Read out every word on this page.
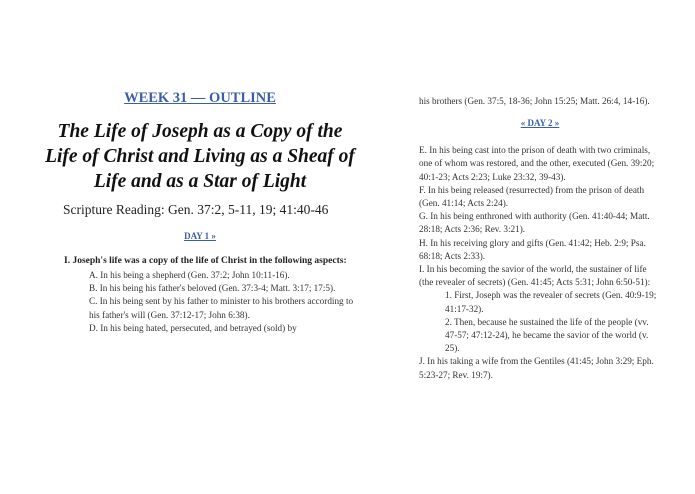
WEEK 31 — OUTLINE
The Life of Joseph as a Copy of the Life of Christ and Living as a Sheaf of Life and as a Star of Light
Scripture Reading: Gen. 37:2, 5-11, 19; 41:40-46
DAY 1 »
I. Joseph's life was a copy of the life of Christ in the following aspects:
A. In his being a shepherd (Gen. 37:2; John 10:11-16).
B. In his being his father's beloved (Gen. 37:3-4; Matt. 3:17; 17:5).
C. In his being sent by his father to minister to his brothers according to his father's will (Gen. 37:12-17; John 6:38).
D. In his being hated, persecuted, and betrayed (sold) by
his brothers (Gen. 37:5, 18-36; John 15:25; Matt. 26:4, 14-16).
« DAY 2 »
E. In his being cast into the prison of death with two criminals, one of whom was restored, and the other, executed (Gen. 39:20; 40:1-23; Acts 2:23; Luke 23:32, 39-43).
F. In his being released (resurrected) from the prison of death (Gen. 41:14; Acts 2:24).
G. In his being enthroned with authority (Gen. 41:40-44; Matt. 28:18; Acts 2:36; Rev. 3:21).
H. In his receiving glory and gifts (Gen. 41:42; Heb. 2:9; Psa. 68:18; Acts 2:33).
I. In his becoming the savior of the world, the sustainer of life (the revealer of secrets) (Gen. 41:45; Acts 5:31; John 6:50-51):
1. First, Joseph was the revealer of secrets (Gen. 40:9-19; 41:17-32).
2. Then, because he sustained the life of the people (vv. 47-57; 47:12-24), he became the savior of the world (v. 25).
J. In his taking a wife from the Gentiles (41:45; John 3:29; Eph. 5:23-27; Rev. 19:7).
